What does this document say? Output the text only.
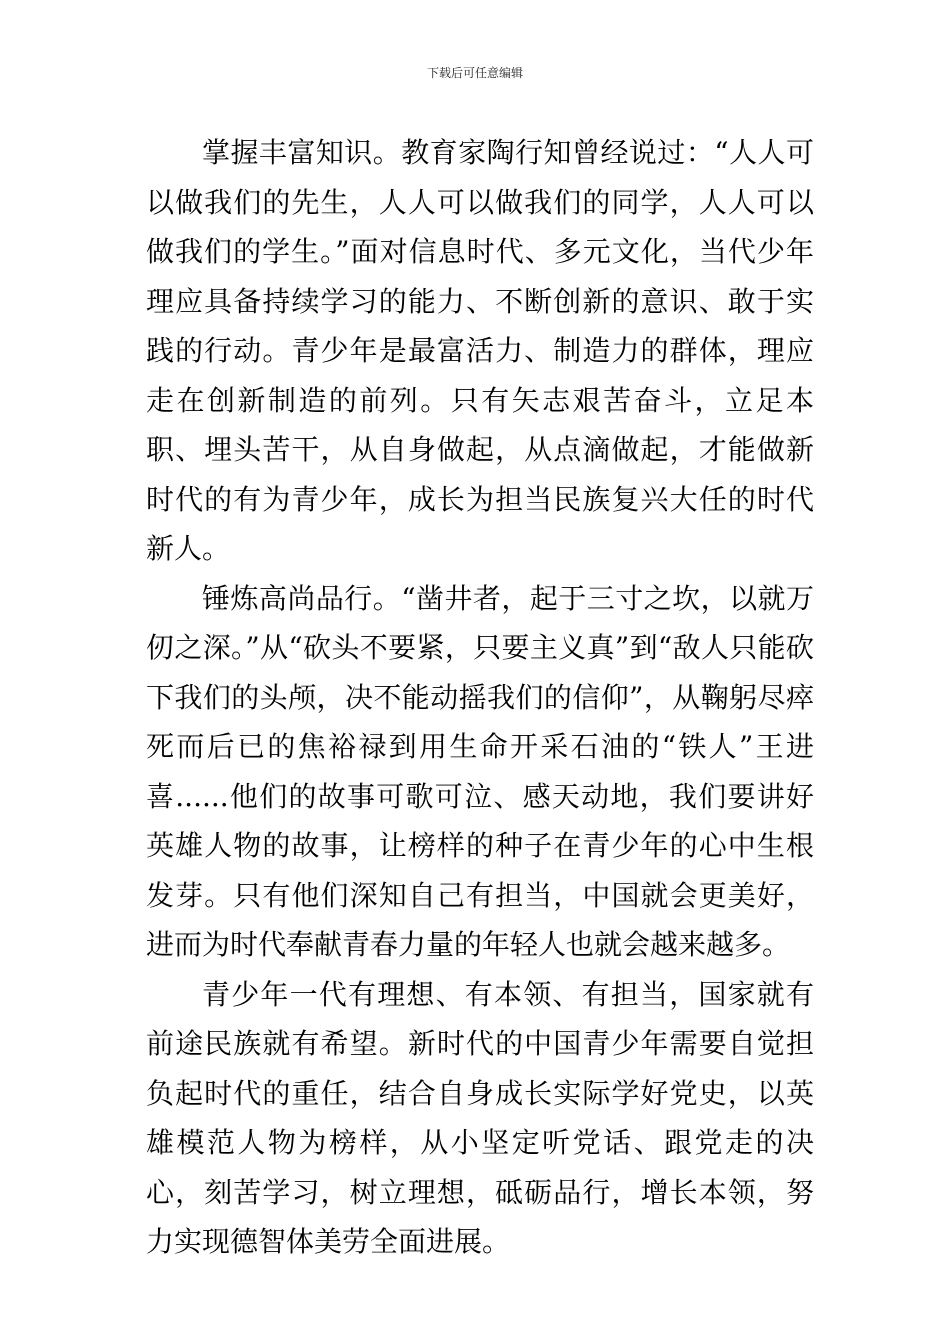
下载后可任意编辑

掌握丰富知识。教育家陶行知曾经说过：“人人可以做我们的先生，人人可以做我们的同学，人人可以做我们的学生。”面对信息时代、多元文化，当代少年理应具备持续学习的能力、不断创新的意识、敢于实践的行动。青少年是最富活力、制造力的群体，理应走在创新制造的前列。只有矢志艰苦奋斗，立足本职、埋头苦干，从自身做起，从点滴做起，才能做新时代的有为青少年，成长为担当民族复兴大任的时代新人。

锤炼高尚品行。“凿井者，起于三寸之坎，以就万仞之深。”从“砍头不要紧，只要主义真”到“敌人只能砍下我们的头颅，决不能动摇我们的信仰”，从鞠躬尽瘁死而后已的焦裕禄到用生命开采石油的“铁人”王进喜......他们的故事可歌可泣、感天动地，我们要讲好英雄人物的故事，让榜样的种子在青少年的心中生根发芽。只有他们深知自己有担当，中国就会更美好，进而为时代奉献青春力量的年轻人也就会越来越多。

青少年一代有理想、有本领、有担当，国家就有前途民族就有希望。新时代的中国青少年需要自觉担负起时代的重任，结合自身成长实际学好党史，以英雄模范人物为榜样，从小坚定听党话、跟党走的决心，刻苦学习，树立理想，砥砺品行，增长本领，努力实现德智体美劳全面进展。
